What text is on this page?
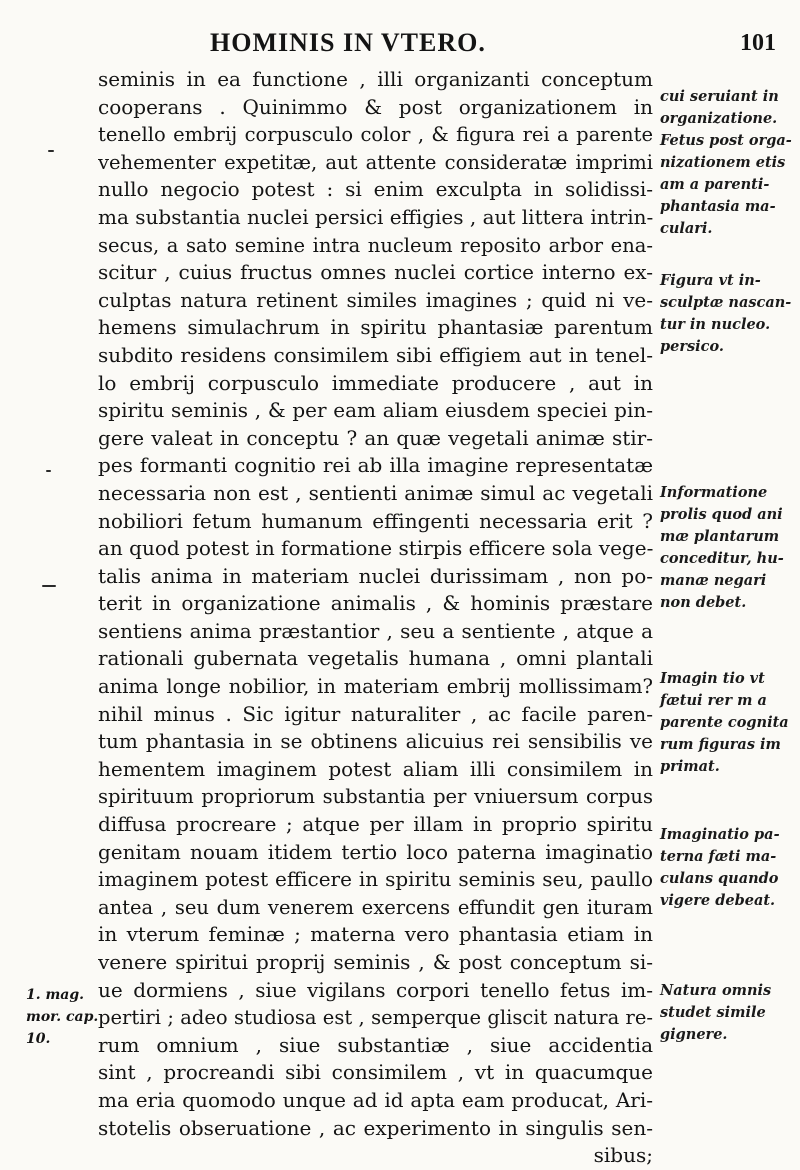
HOMINIS IN VTERO.	101
seminis in ea functione , illi organizanti conceptum
cooperans . Quinimmo & post organizationem in
tenello embrij corpusculo color , & figura rei a parente
vehementer expetitæ, aut attente consideratæ imprimi
nullo negocio potest : si enim exculpta in solidissi-
ma substantia nuclei persici effigies , aut littera intrin-
secus, a sato semine intra nucleum reposito arbor ena-
scitur , cuius fructus omnes nuclei cortice interno ex-
culptas natura retinent similes imagines ; quid ni ve-
hemens simulachrum in spiritu phantasiæ parentum
subdito residens consimilem sibi effigiem aut in tenel-
lo embrij corpusculo immediate producere , aut in
spiritu seminis , & per eam aliam eiusdem speciei pin-
gere valeat in conceptu ? an quæ vegetali animæ stir-
pes formanti cognitio rei ab illa imagine representatæ
necessaria non est , sentienti animæ simul ac vegetali
nobiliori fetum humanum effingenti necessaria erit ?
an quod potest in formatione stirpis efficere sola vege-
talis anima in materiam nuclei durissimam , non po-
terit in organizatione animalis , & hominis præstare
sentiens anima præstantior , seu a sentiente , atque a
rationali gubernata vegetalis humana , omni plantali
anima longe nobilior, in materiam embrij mollissimam?
nihil minus . Sic igitur naturaliter , ac facile paren-
tum phantasia in se obtinens alicuius rei sensibilis ve
hementem imaginem potest aliam illi consimilem in
spirituum propriorum substantia per vniuersum corpus
diffusa procreare ; atque per illam in proprio spiritu
genitam nouam itidem tertio loco paterna imaginatio
imaginem potest efficere in spiritu seminis seu, paullo
antea , seu dum venerem exercens effundit gen ituram
in vterum feminæ ; materna vero phantasia etiam in
venere spiritui proprij seminis , & post conceptum si-
ue dormiens , siue vigilans corpori tenello fetus im-
pertiri ; adeo studiosa est , semperque gliscit natura re-
rum omnium , siue substantiæ , siue accidentia
sint , procreandi sibi consimilem , vt in quacumque
ma eria quomodo unque ad id apta eam producat, Ari-
stotelis obseruatione , ac experimento in singulis sen-
sibus;
cui seruiant in
organizatione.
Fetus post orga-
nizationem etis
am a parenti-
phantasia ma-
culari.
Figura vt in-
sculptæ nascan-
tur in nucleo.
persico.
Informatione
prolis quod ani
mæ plantarum
conceditur, hu-
manæ negari
non debet.
Imagin tio vt
fætui rer m a
parente cognita
rum figuras im
primat.
Imaginatio pa-
terna fæti ma-
culans quando
vigere debeat.
Natura omnis
studet simile
gignere.
1. mag.
mor. cap.
10.
